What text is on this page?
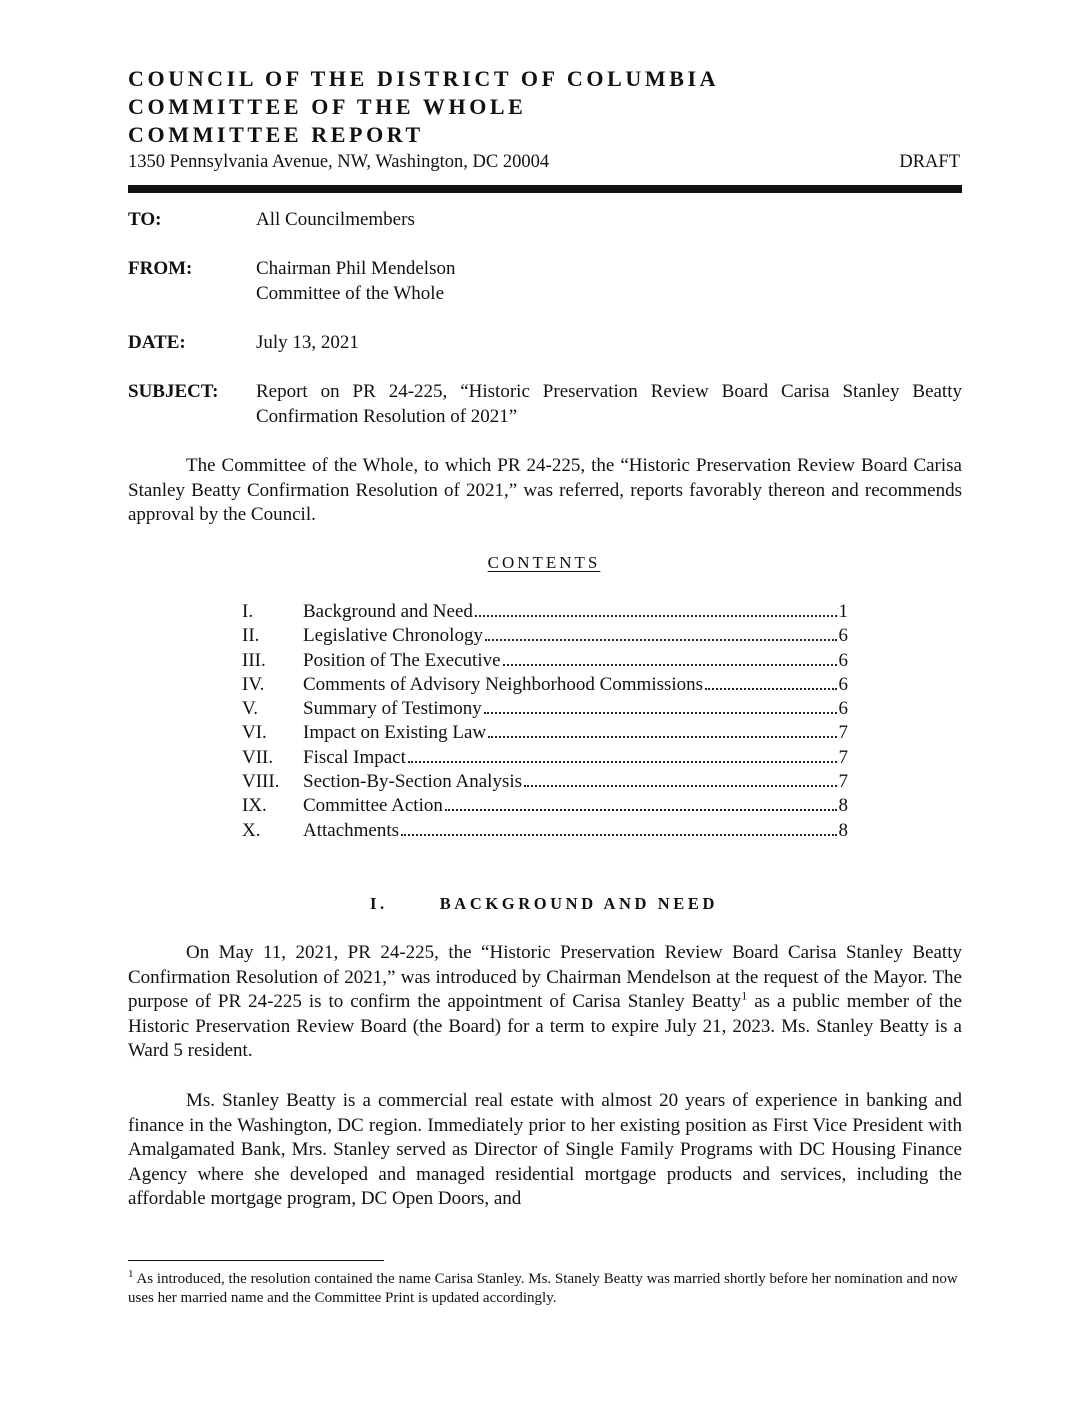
COUNCIL OF THE DISTRICT OF COLUMBIA
COMMITTEE OF THE WHOLE
COMMITTEE REPORT
1350 Pennsylvania Avenue, NW, Washington, DC 20004	DRAFT
TO:	All Councilmembers
FROM:	Chairman Phil Mendelson
Committee of the Whole
DATE:	July 13, 2021
SUBJECT: Report on PR 24-225, “Historic Preservation Review Board Carisa Stanley Beatty Confirmation Resolution of 2021”
The Committee of the Whole, to which PR 24-225, the “Historic Preservation Review Board Carisa Stanley Beatty Confirmation Resolution of 2021,” was referred, reports favorably thereon and recommends approval by the Council.
CONTENTS
I.	Background and Need	1
II.	Legislative Chronology	6
III.	Position of The Executive	6
IV.	Comments of Advisory Neighborhood Commissions	6
V.	Summary of Testimony	6
VI.	Impact on Existing Law	7
VII.	Fiscal Impact	7
VIII.	Section-By-Section Analysis	7
IX.	Committee Action	8
X.	Attachments	8
I.	BACKGROUND AND NEED
On May 11, 2021, PR 24-225, the “Historic Preservation Review Board Carisa Stanley Beatty Confirmation Resolution of 2021,” was introduced by Chairman Mendelson at the request of the Mayor. The purpose of PR 24-225 is to confirm the appointment of Carisa Stanley Beatty$^1$ as a public member of the Historic Preservation Review Board (the Board) for a term to expire July 21, 2023. Ms. Stanley Beatty is a Ward 5 resident.
Ms. Stanley Beatty is a commercial real estate with almost 20 years of experience in banking and finance in the Washington, DC region. Immediately prior to her existing position as First Vice President with Amalgamated Bank, Mrs. Stanley served as Director of Single Family Programs with DC Housing Finance Agency where she developed and managed residential mortgage products and services, including the affordable mortgage program, DC Open Doors, and
$^1$ As introduced, the resolution contained the name Carisa Stanley. Ms. Stanely Beatty was married shortly before her nomination and now uses her married name and the Committee Print is updated accordingly.
